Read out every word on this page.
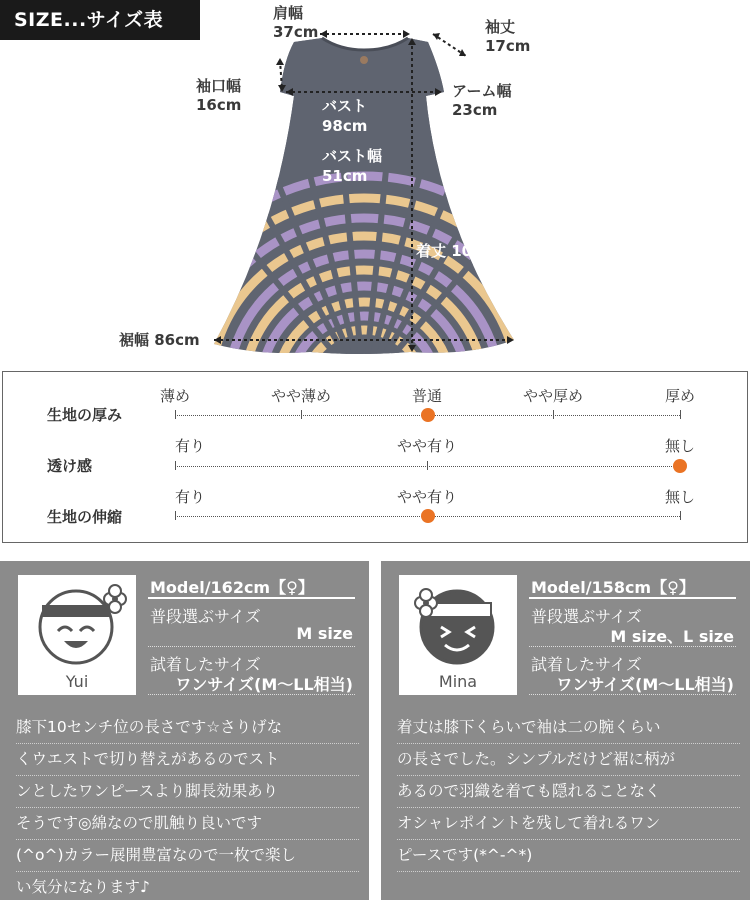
SIZE...サイズ表	肩幅
37cm	袖丈
17cm
袖口幅
16cm
アーム幅
23cm
バスト
98cm
バスト幅
51cm
着丈 106cm
裾幅 86cm
生地の厚み
薄め	やや薄め	普通	やや厚め	厚め
透け感
有り	やや有り	無し
生地の伸縮
有り	やや有り	無し
Yui
Model/162cm【♀】
普段選ぶサイズ
M size
試着したサイズ
ワンサイズ(M〜LL相当)
膝下10センチ位の長さです☆さりげな
くウエストで切り替えがあるのでスト
ンとしたワンピースより脚長効果あり
そうです◎綿なので肌触り良いです
(^o^)カラー展開豊富なので一枚で楽し
い気分になります♪
Mina
Model/158cm【♀】
普段選ぶサイズ
M size、L size
試着したサイズ
ワンサイズ(M〜LL相当)
着丈は膝下くらいで袖は二の腕くらい
の長さでした。シンプルだけど裾に柄が
あるので羽織を着ても隠れることなく
オシャレポイントを残して着れるワン
ピースです(*^-^*)
